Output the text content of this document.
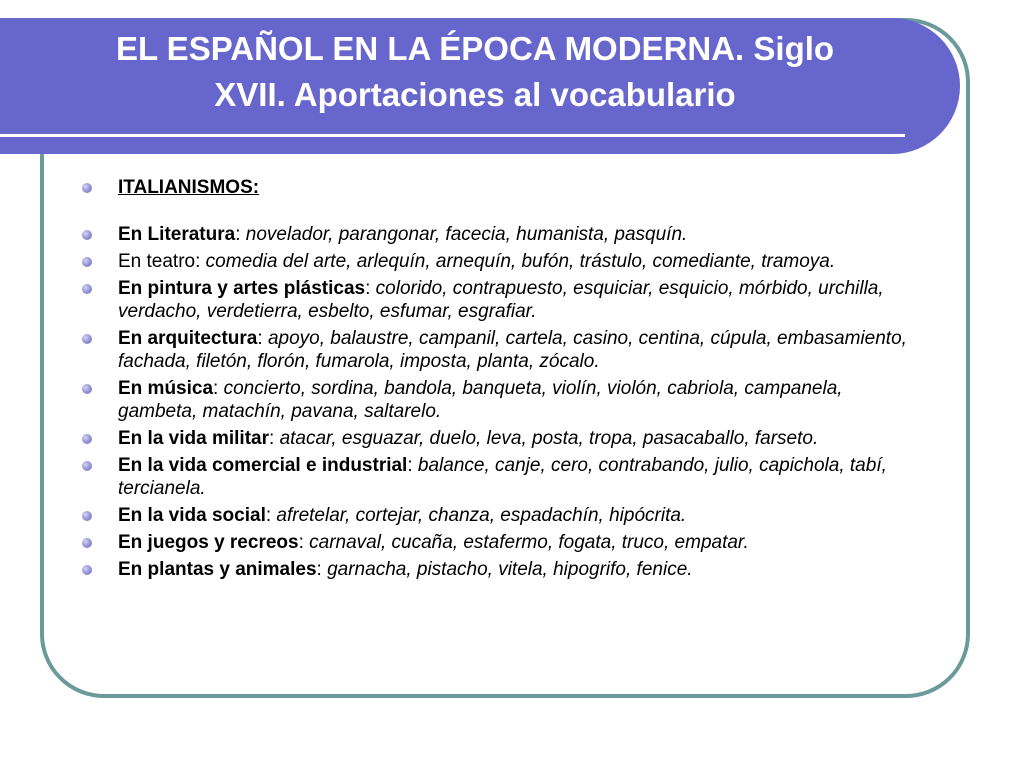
EL ESPAÑOL EN LA ÉPOCA MODERNA. Siglo
XVII. Aportaciones al vocabulario
ITALIANISMOS:
En Literatura: novelador, parangonar, facecia, humanista, pasquín.
En teatro: comedia del arte, arlequín, arnequín, bufón, trástulo, comediante, tramoya.
En pintura y artes plásticas: colorido, contrapuesto, esquiciar, esquicio, mórbido, urchilla, verdacho, verdetierra, esbelto, esfumar, esgrafiar.
En arquitectura: apoyo, balaustre, campanil, cartela, casino, centina, cúpula, embasamiento, fachada, filetón, florón, fumarola, imposta, planta, zócalo.
En música: concierto, sordina, bandola, banqueta, violín, violón, cabriola, campanela, gambeta, matachín, pavana, saltarelo.
En la vida militar: atacar, esguazar, duelo, leva, posta, tropa, pasacaballo, farseto.
En la vida comercial e industrial: balance, canje, cero, contrabando, julio, capichola, tabí, tercianela.
En la vida social: afretelar, cortejar, chanza, espadachín, hipócrita.
En juegos y recreos: carnaval, cucaña, estafermo, fogata, truco, empatar.
En plantas y animales: garnacha, pistacho, vitela, hipogrifo, fenice.
